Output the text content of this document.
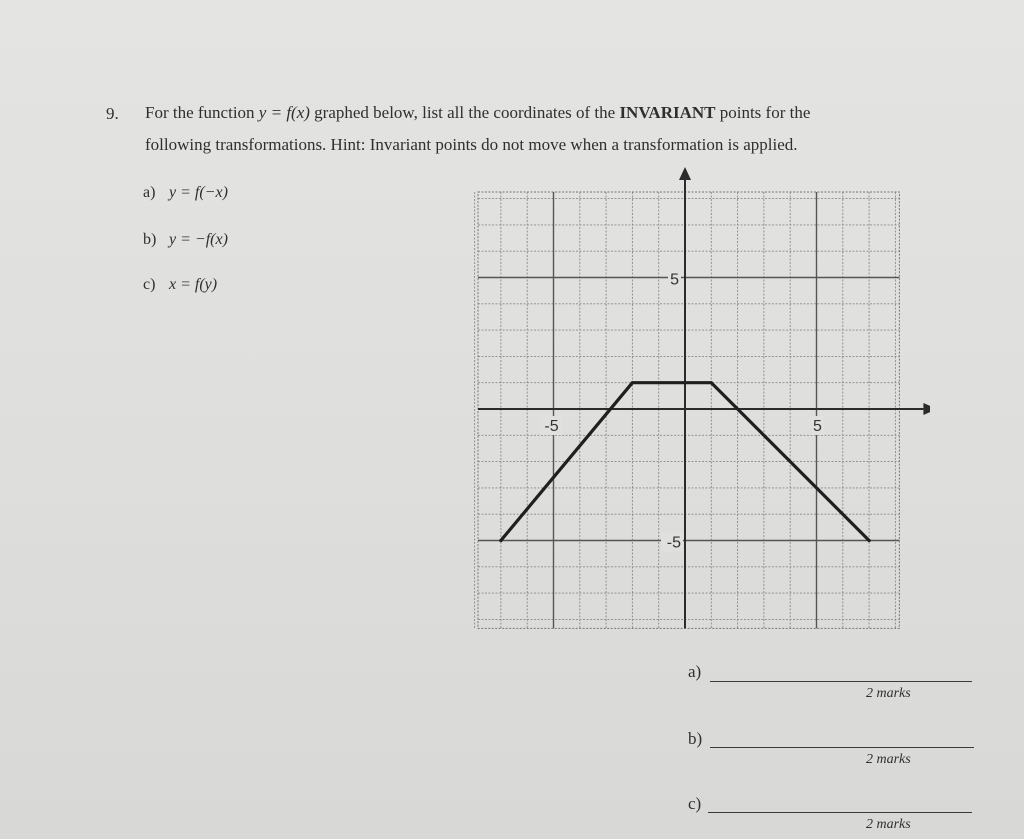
9. For the function y = f(x) graphed below, list all the coordinates of the INVARIANT points for the
following transformations. Hint: Invariant points do not move when a transformation is applied.
a) y = f(−x)
b) y = −f(x)
c) x = f(y)
-5	5
5
-5
a)
2 marks
b)
2 marks
c)
2 marks
